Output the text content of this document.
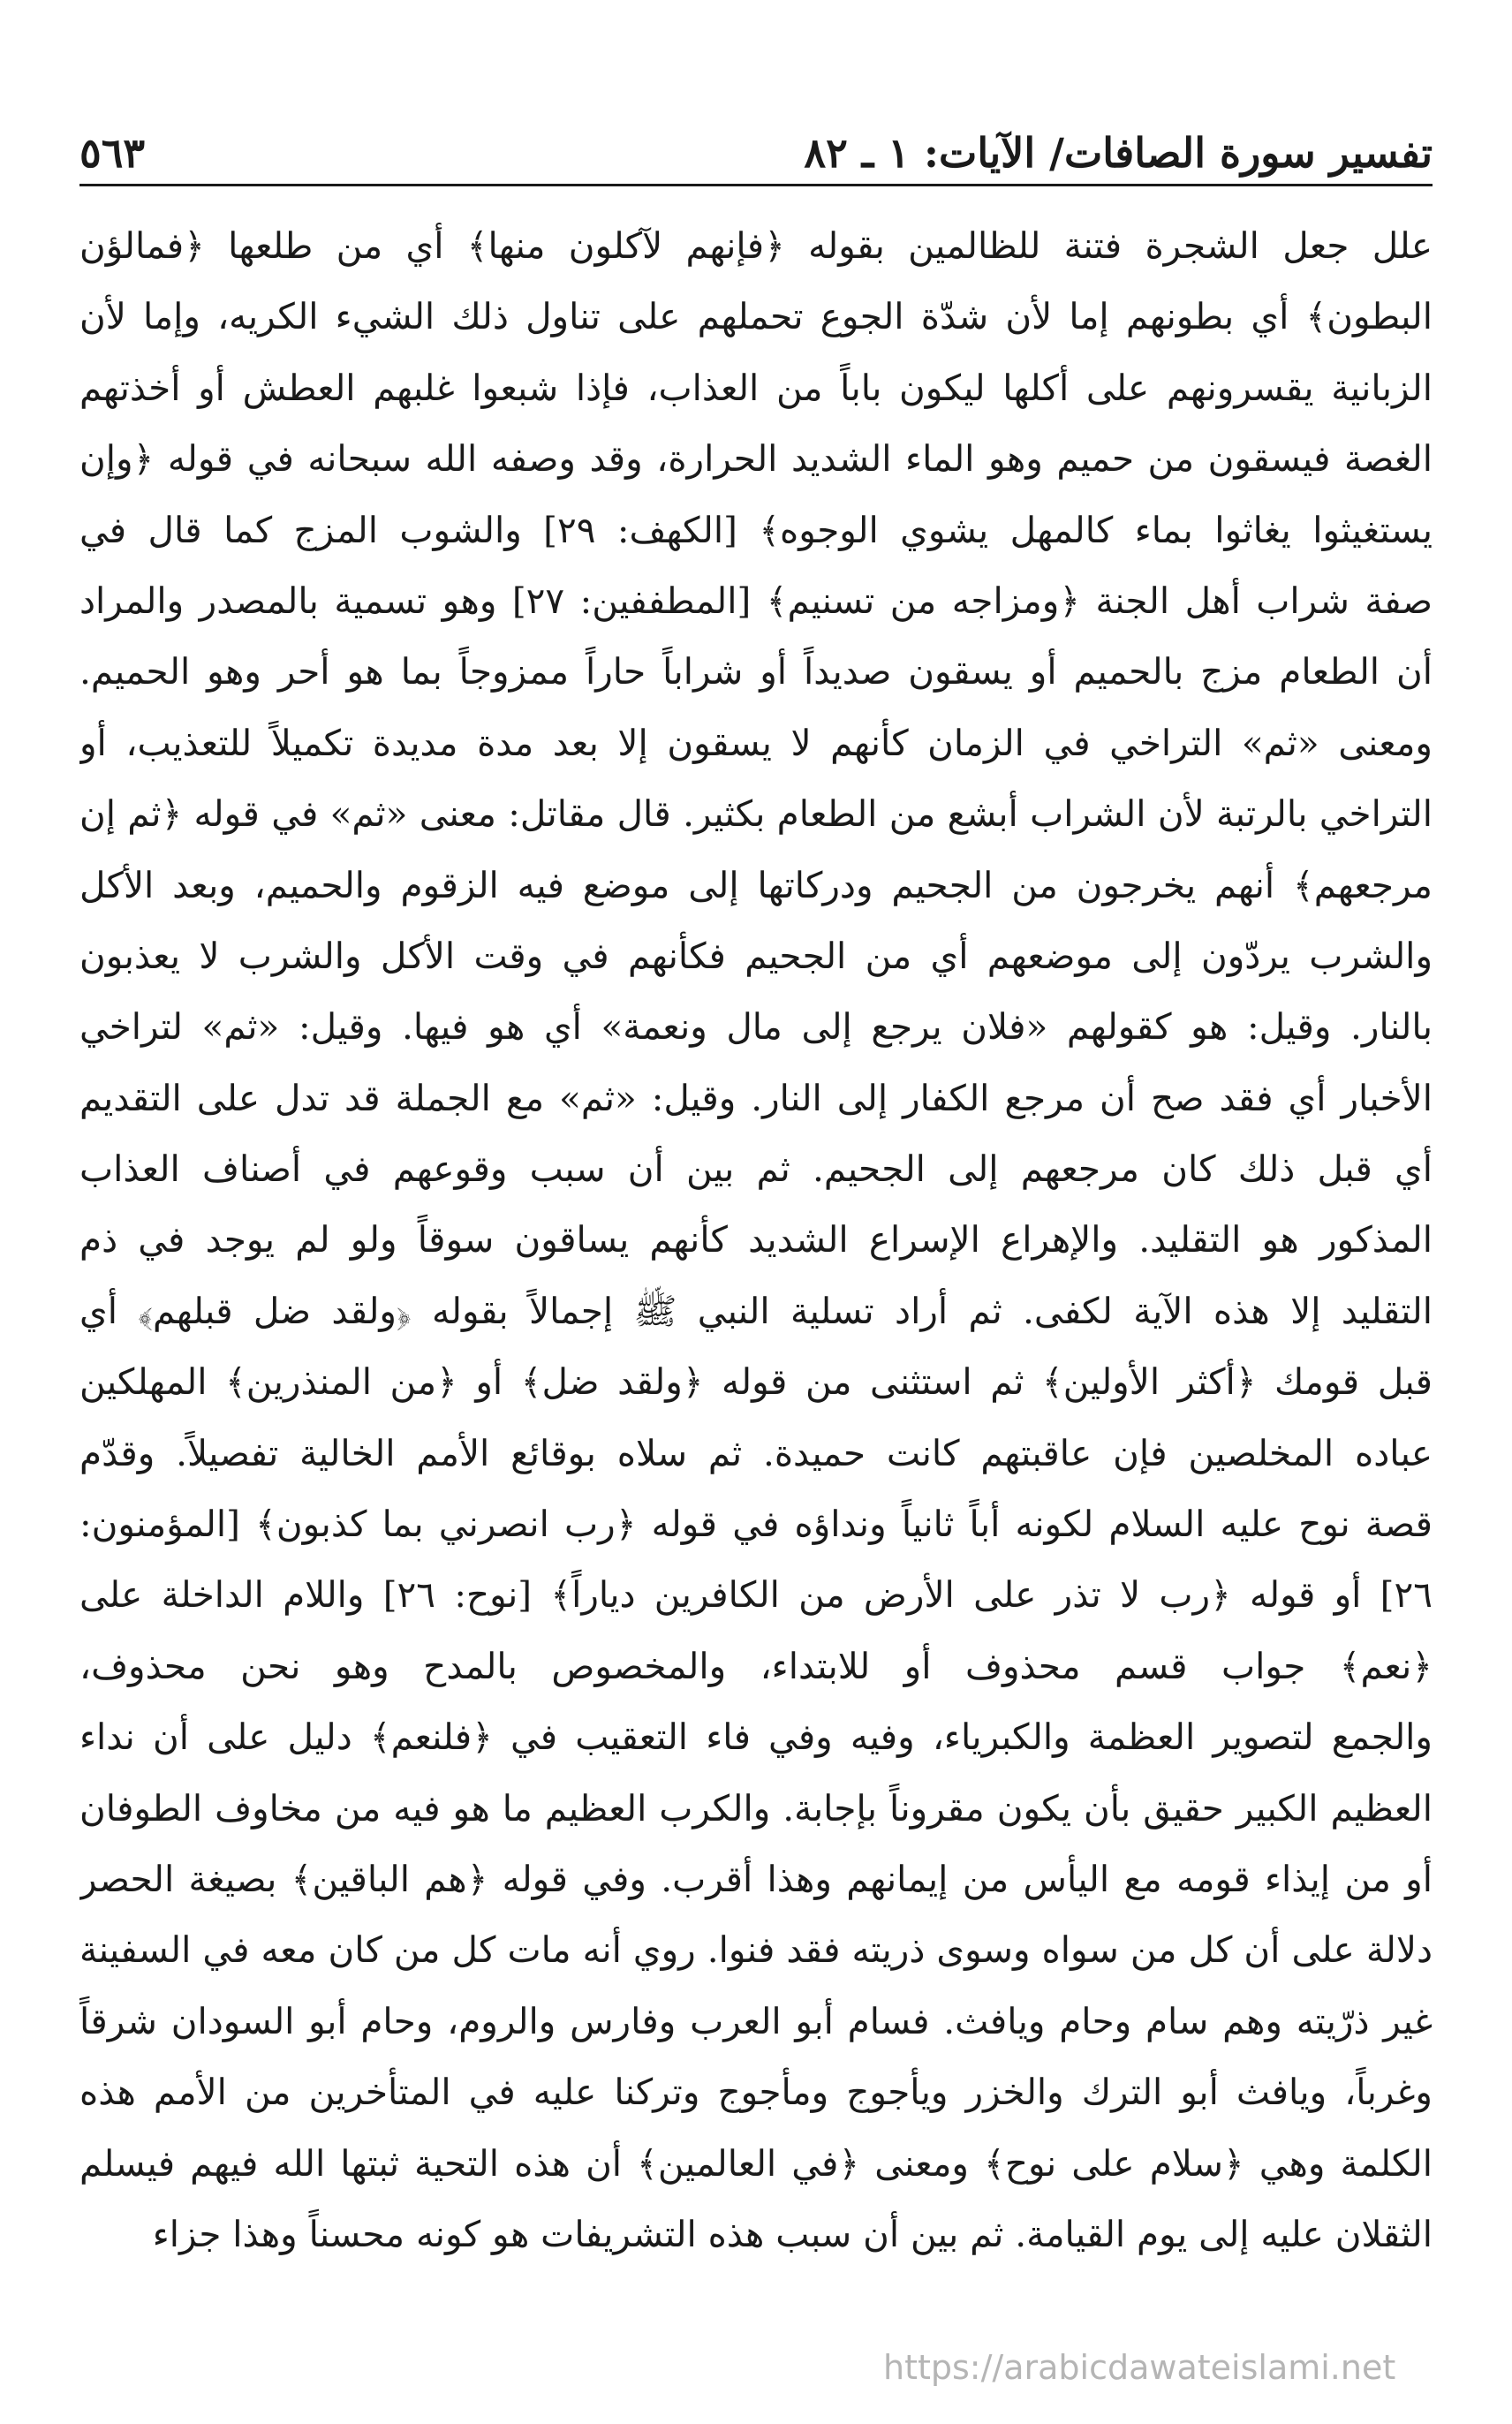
تفسير سورة الصافات/ الآيات: ١ ـ ٨٢
٥٦٣
علل جعل الشجرة فتنة للظالمين بقوله ﴿فإنهم لآكلون منها﴾ أي من طلعها ﴿فمالؤن
البطون﴾ أي بطونهم إما لأن شدّة الجوع تحملهم على تناول ذلك الشيء الكريه، وإما لأن
الزبانية يقسرونهم على أكلها ليكون باباً من العذاب، فإذا شبعوا غلبهم العطش أو أخذتهم
الغصة فيسقون من حميم وهو الماء الشديد الحرارة، وقد وصفه الله سبحانه في قوله ﴿وإن
يستغيثوا يغاثوا بماء كالمهل يشوي الوجوه﴾ [الكهف: ٢٩] والشوب المزج كما قال في
صفة شراب أهل الجنة ﴿ومزاجه من تسنيم﴾ [المطففين: ٢٧] وهو تسمية بالمصدر والمراد
أن الطعام مزج بالحميم أو يسقون صديداً أو شراباً حاراً ممزوجاً بما هو أحر وهو الحميم.
ومعنى «ثم» التراخي في الزمان كأنهم لا يسقون إلا بعد مدة مديدة تكميلاً للتعذيب، أو
التراخي بالرتبة لأن الشراب أبشع من الطعام بكثير. قال مقاتل: معنى «ثم» في قوله ﴿ثم إن
مرجعهم﴾ أنهم يخرجون من الجحيم ودركاتها إلى موضع فيه الزقوم والحميم، وبعد الأكل
والشرب يردّون إلى موضعهم أي من الجحيم فكأنهم في وقت الأكل والشرب لا يعذبون
بالنار. وقيل: هو كقولهم «فلان يرجع إلى مال ونعمة» أي هو فيها. وقيل: «ثم» لتراخي
الأخبار أي فقد صح أن مرجع الكفار إلى النار. وقيل: «ثم» مع الجملة قد تدل على التقديم
أي قبل ذلك كان مرجعهم إلى الجحيم. ثم بين أن سبب وقوعهم في أصناف العذاب
المذكور هو التقليد. والإهراع الإسراع الشديد كأنهم يساقون سوقاً ولو لم يوجد في ذم
التقليد إلا هذه الآية لكفى. ثم أراد تسلية النبي ﷺ إجمالاً بقوله ﴿ولقد ضل قبلهم﴾ أي
قبل قومك ﴿أكثر الأولين﴾ ثم استثنى من قوله ﴿ولقد ضل﴾ أو ﴿من المنذرين﴾ المهلكين
عباده المخلصين فإن عاقبتهم كانت حميدة. ثم سلاه بوقائع الأمم الخالية تفصيلاً. وقدّم
قصة نوح عليه السلام لكونه أباً ثانياً ونداؤه في قوله ﴿رب انصرني بما كذبون﴾ [المؤمنون:
٢٦] أو قوله ﴿رب لا تذر على الأرض من الكافرين دياراً﴾ [نوح: ٢٦] واللام الداخلة على
﴿نعم﴾ جواب قسم محذوف أو للابتداء، والمخصوص بالمدح وهو نحن محذوف،
والجمع لتصوير العظمة والكبرياء، وفيه وفي فاء التعقيب في ﴿فلنعم﴾ دليل على أن نداء
العظيم الكبير حقيق بأن يكون مقروناً بإجابة. والكرب العظيم ما هو فيه من مخاوف الطوفان
أو من إيذاء قومه مع اليأس من إيمانهم وهذا أقرب. وفي قوله ﴿هم الباقين﴾ بصيغة الحصر
دلالة على أن كل من سواه وسوى ذريته فقد فنوا. روي أنه مات كل من كان معه في السفينة
غير ذرّيته وهم سام وحام ويافث. فسام أبو العرب وفارس والروم، وحام أبو السودان شرقاً
وغرباً، ويافث أبو الترك والخزر ويأجوج ومأجوج وتركنا عليه في المتأخرين من الأمم هذه
الكلمة وهي ﴿سلام على نوح﴾ ومعنى ﴿في العالمين﴾ أن هذه التحية ثبتها الله فيهم فيسلم
الثقلان عليه إلى يوم القيامة. ثم بين أن سبب هذه التشريفات هو كونه محسناً وهذا جزاء
https://arabicdawateislami.net
